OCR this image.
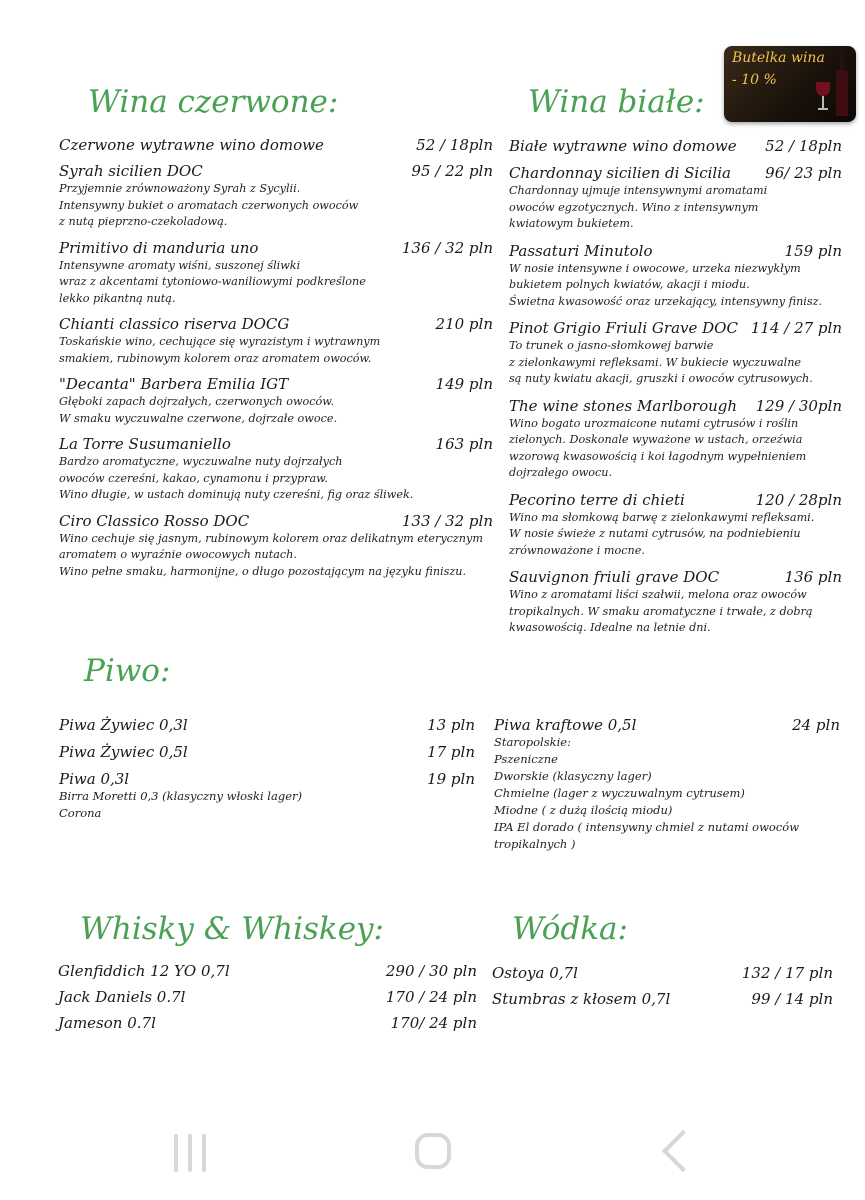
Butelka wina
- 10 %
Wina czerwone:	Wina białe:
Piwo:
Whisky & Whiskey:	Wódka:
Czerwone wytrawne wino domowe	52 / 18pln
Syrah sicilien DOC	95 / 22 pln
Przyjemnie zrównoważony Syrah z Sycylii.
Intensywny bukiet o aromatach czerwonych owoców
z nutą pieprzno-czekoladową.
Primitivo di manduria uno	136 / 32 pln
Intensywne aromaty wiśni, suszonej śliwki
wraz z akcentami tytoniowo-waniliowymi podkreślone
lekko pikantną nutą.
Chianti classico riserva DOCG	210 pln
Toskańskie wino, cechujące się wyrazistym i wytrawnym
smakiem, rubinowym kolorem oraz aromatem owoców.
"Decanta" Barbera Emilia IGT	149 pln
Głęboki zapach dojrzałych, czerwonych owoców.
W smaku wyczuwalne czerwone, dojrzałe owoce.
La Torre Susumaniello	163 pln
Bardzo aromatyczne, wyczuwalne nuty dojrzałych
owoców czereśni, kakao, cynamonu i przypraw.
Wino długie, w ustach dominują nuty czereśni, fig oraz śliwek.
Ciro Classico Rosso DOC	133 / 32 pln
Wino cechuje się jasnym, rubinowym kolorem oraz delikatnym eterycznym
aromatem o wyraźnie owocowych nutach.
Wino pełne smaku, harmonijne, o długo pozostającym na języku finiszu.
Białe wytrawne wino domowe 52 / 18pln
Chardonnay sicilien di Sicilia 96/ 23 pln
Chardonnay ujmuje intensywnymi aromatami
owoców egzotycznych. Wino z intensywnym
kwiatowym bukietem.
Passaturi Minutolo	159 pln
W nosie intensywne i owocowe, urzeka niezwykłym
bukietem polnych kwiatów, akacji i miodu.
Świetna kwasowość oraz urzekający, intensywny finisz.
Pinot Grigio Friuli Grave DOC 114 / 27 pln
To trunek o jasno-słomkowej barwie
z zielonkawymi refleksami. W bukiecie wyczuwalne
są nuty kwiatu akacji, gruszki i owoców cytrusowych.
The wine stones Marlborough 129 / 30pln
Wino bogato urozmaicone nutami cytrusów i roślin
zielonych. Doskonale wyważone w ustach, orzeźwia
wzorową kwasowością i koi łagodnym wypełnieniem
dojrzałego owocu.
Pecorino terre di chieti	120 / 28pln
Wino ma słomkową barwę z zielonkawymi refleksami.
W nosie świeże z nutami cytrusów, na podniebieniu
zrównoważone i mocne.
Sauvignon friuli grave DOC	136 pln
Wino z aromatami liści szałwii, melona oraz owoców
tropikalnych. W smaku aromatyczne i trwałe, z dobrą
kwasowością. Idealne na letnie dni.
Piwa Żywiec 0,3l	13 pln
Piwa Żywiec 0,5l	17 pln
Piwa 0,3l	19 pln
Birra Moretti 0,3 (klasyczny włoski lager)
Corona
Piwa kraftowe 0,5l	24 pln
Staropolskie:
Pszeniczne
Dworskie (klasyczny lager)
Chmielne (lager z wyczuwalnym cytrusem)
Miodne ( z dużą ilością miodu)
IPA El dorado ( intensywny chmiel z nutami owoców
tropikalnych )
Glenfiddich 12 YO 0,7l	290 / 30 pln
Jack Daniels 0.7l	170 / 24 pln
Jameson 0.7l	170/ 24 pln
Ostoya 0,7l	132 / 17 pln
Stumbras z kłosem 0,7l	99 / 14 pln
